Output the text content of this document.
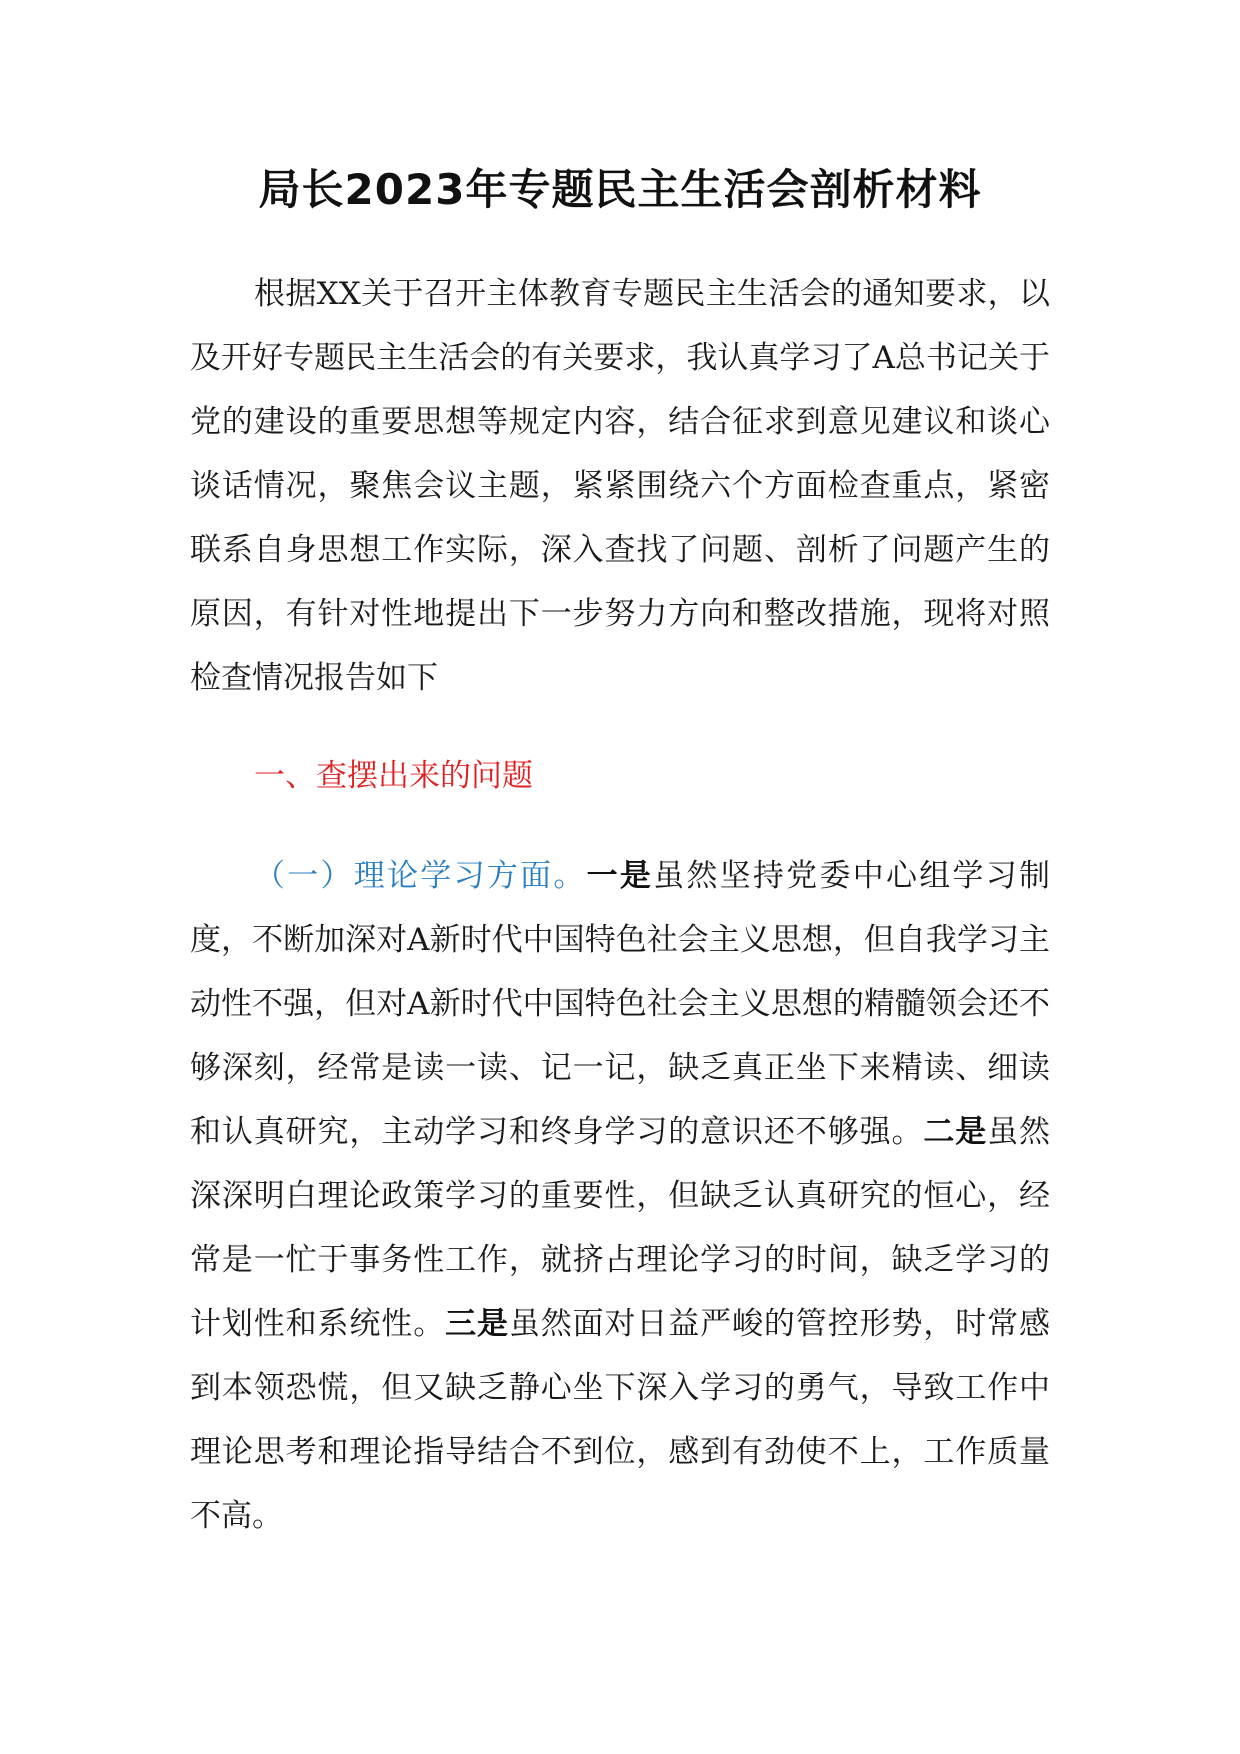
局长2023年专题民主生活会剖析材料

根据XX关于召开主体教育专题民主生活会的通知要求，以及开好专题民主生活会的有关要求，我认真学习了A总书记关于党的建设的重要思想等规定内容，结合征求到意见建议和谈心谈话情况，聚焦会议主题，紧紧围绕六个方面检查重点，紧密联系自身思想工作实际，深入查找了问题、剖析了问题产生的原因，有针对性地提出下一步努力方向和整改措施，现将对照检查情况报告如下

一、查摆出来的问题

（一）理论学习方面。一是虽然坚持党委中心组学习制度，不断加深对A新时代中国特色社会主义思想，但自我学习主动性不强，但对A新时代中国特色社会主义思想的精髓领会还不够深刻，经常是读一读、记一记，缺乏真正坐下来精读、细读和认真研究，主动学习和终身学习的意识还不够强。二是虽然深深明白理论政策学习的重要性，但缺乏认真研究的恒心，经常是一忙于事务性工作，就挤占理论学习的时间，缺乏学习的计划性和系统性。三是虽然面对日益严峻的管控形势，时常感到本领恐慌，但又缺乏静心坐下深入学习的勇气，导致工作中理论思考和理论指导结合不到位，感到有劲使不上，工作质量不高。
